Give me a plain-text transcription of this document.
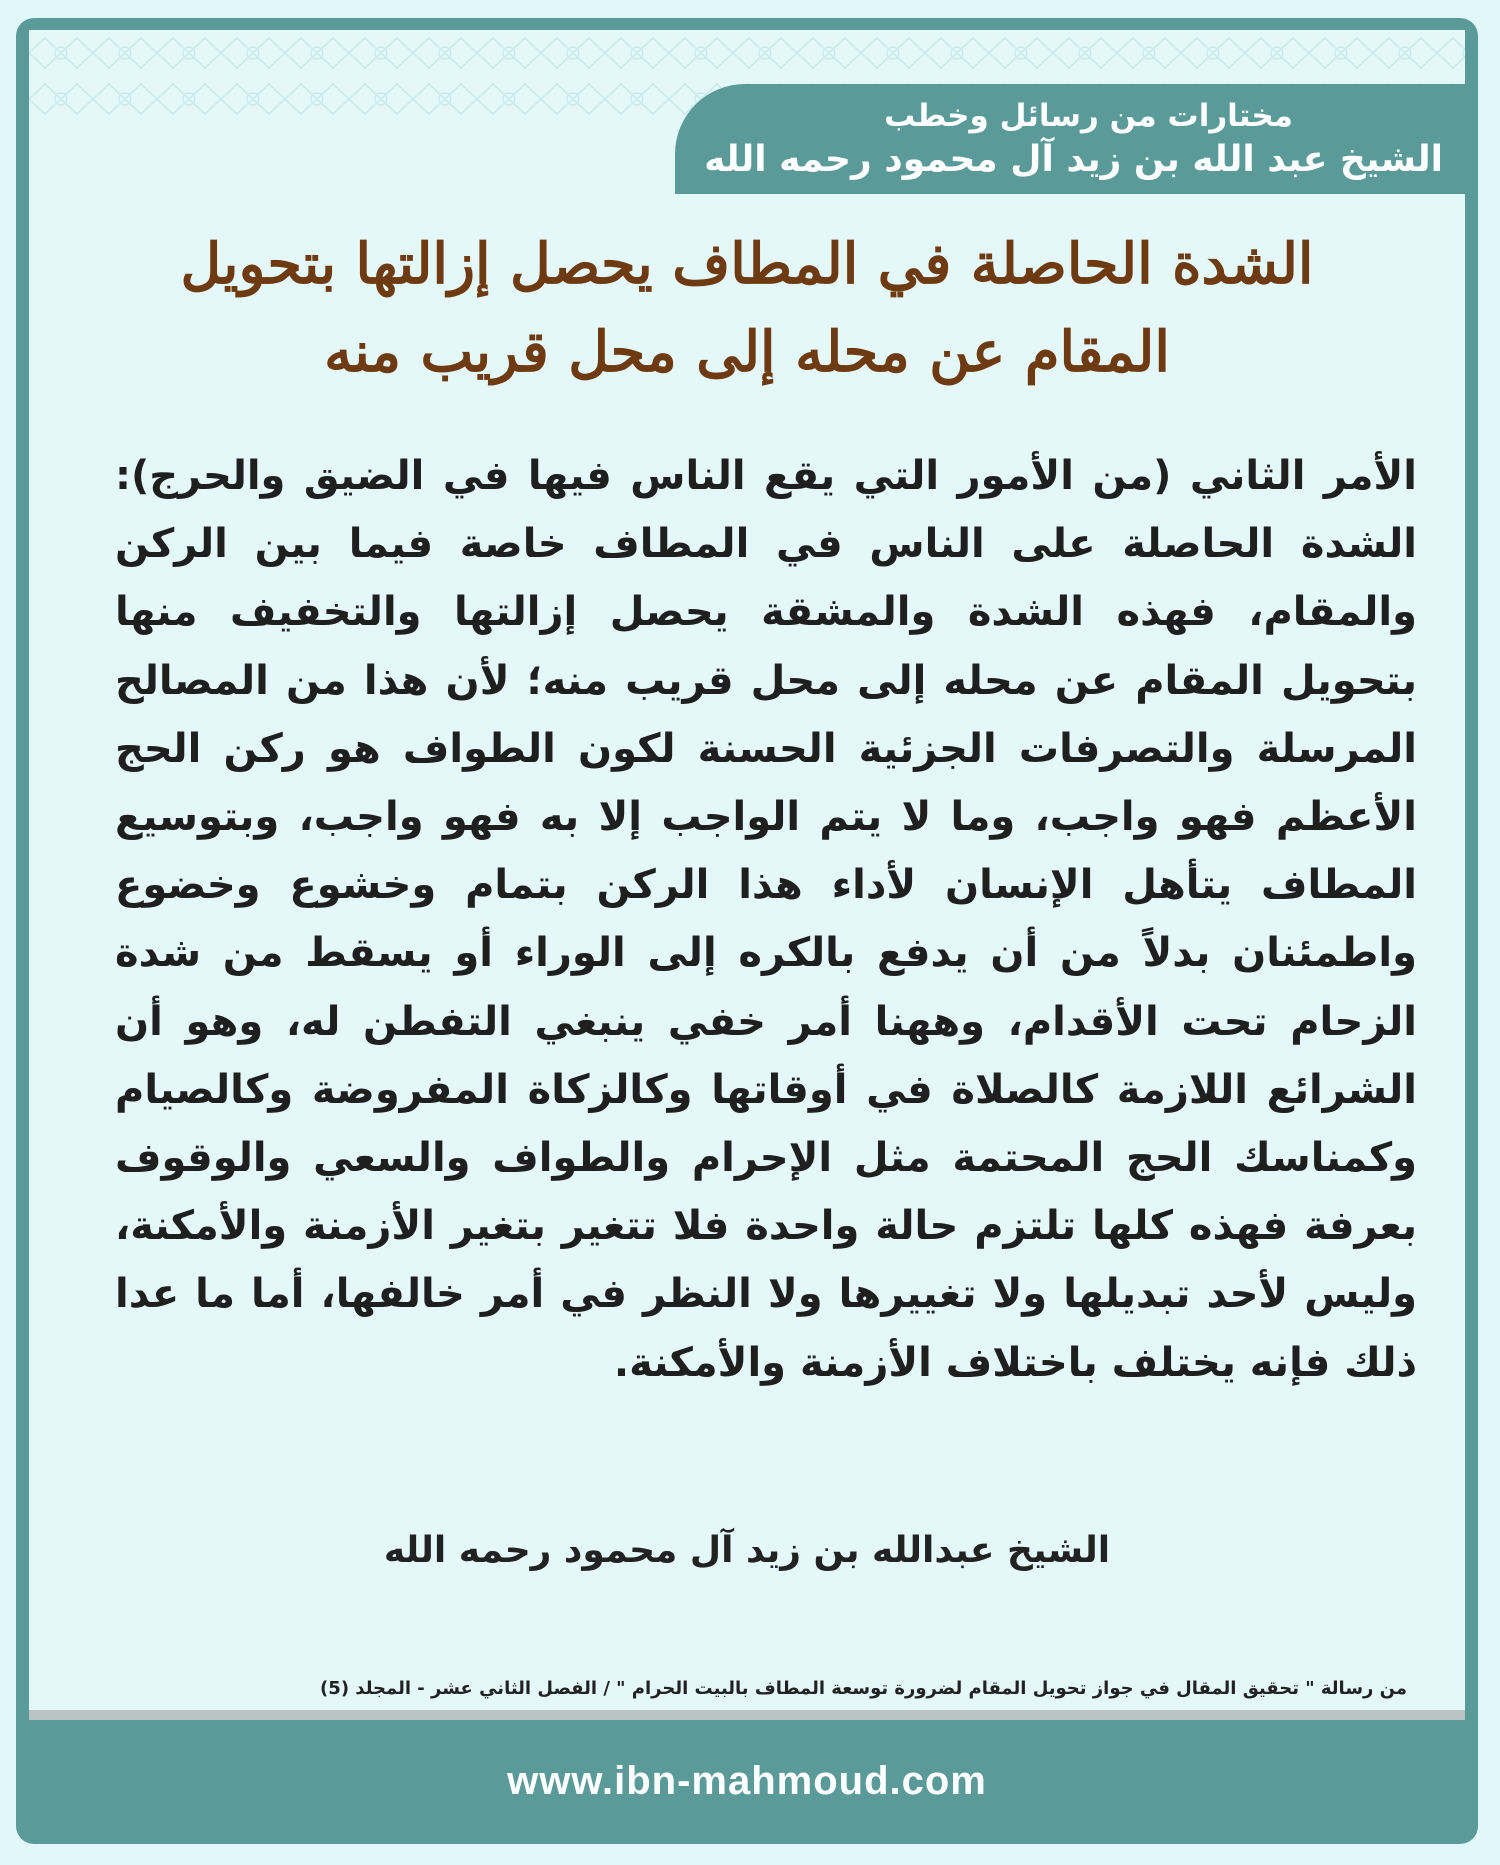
مختارات من رسائل وخطب
الشيخ عبد الله بن زيد آل محمود رحمه الله
الشدة الحاصلة في المطاف يحصل إزالتها بتحويل المقام عن محله إلى محل قريب منه

الأمر الثاني (من الأمور التي يقع الناس فيها في الضيق والحرج): الشدة الحاصلة على الناس في المطاف خاصة فيما بين الركن والمقام، فهذه الشدة والمشقة يحصل إزالتها والتخفيف منها بتحويل المقام عن محله إلى محل قريب منه؛ لأن هذا من المصالح المرسلة والتصرفات الجزئية الحسنة لكون الطواف هو ركن الحج الأعظم فهو واجب، وما لا يتم الواجب إلا به فهو واجب، وبتوسيع المطاف يتأهل الإنسان لأداء هذا الركن بتمام وخشوع وخضوع واطمئنان بدلاً من أن يدفع بالكره إلى الوراء أو يسقط من شدة الزحام تحت الأقدام، وههنا أمر خفي ينبغي التفطن له، وهو أن الشرائع اللازمة كالصلاة في أوقاتها وكالزكاة المفروضة وكالصيام وكمناسك الحج المحتمة مثل الإحرام والطواف والسعي والوقوف بعرفة فهذه كلها تلتزم حالة واحدة فلا تتغير بتغير الأزمنة والأمكنة، وليس لأحد تبديلها ولا تغييرها ولا النظر في أمر خالفها، أما ما عدا ذلك فإنه يختلف باختلاف الأزمنة والأمكنة.

الشيخ عبدالله بن زيد آل محمود رحمه الله
من رسالة " تحقيق المقال في جواز تحويل المقام لضرورة توسعة المطاف بالبيت الحرام " / الفصل الثاني عشر - المجلد (5)
www.ibn-mahmoud.com
